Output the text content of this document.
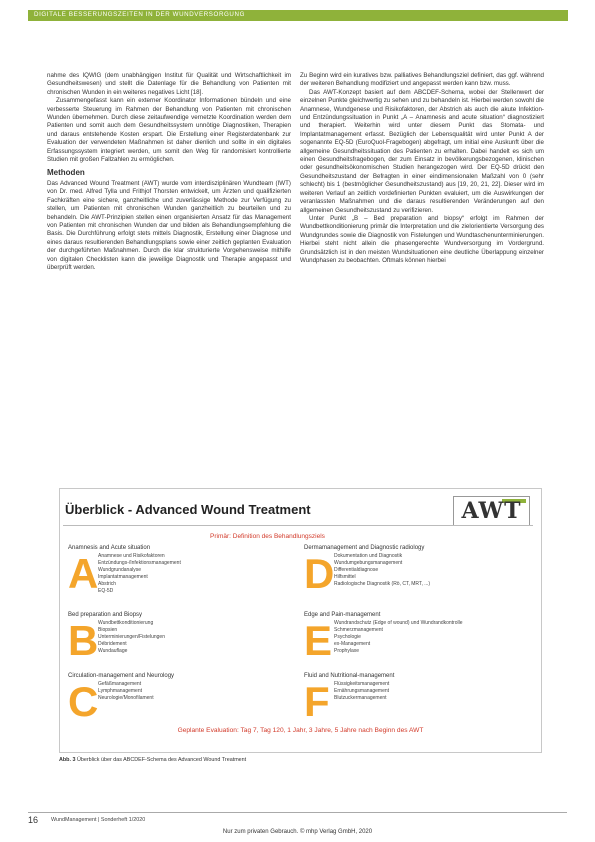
DIGITALE BESSERUNGSZEITEN IN DER WUNDVERSORGUNG

nahme des IQWIG (dem unabhängigen Institut für Qualität und Wirtschaftlichkeit im Gesundheitswesen) und stellt die Datenlage für die Behandlung von Patienten mit chronischen Wunden in ein weiteres negatives Licht [18].

Zusammengefasst kann ein externer Koordinator Informationen bündeln und eine verbesserte Steuerung im Rahmen der Behandlung von Patienten mit chronischen Wunden übernehmen. Durch diese zeitaufwendige vernetzte Koordination werden dem Patienten und somit auch dem Gesundheitssystem unnötige Diagnostiken, Therapien und daraus entstehende Kosten erspart. Die Erstellung einer Registerdatenbank zur Evaluation der verwendeten Maßnahmen ist daher dienlich und sollte in ein digitales Erfassungssystem integriert werden, um somit den Weg für randomisiert kontrollierte Studien mit großen Fallzahlen zu ermöglichen.

Methoden

Das Advanced Wound Treatment (AWT) wurde vom interdisziplinären Wundteam (IWT) von Dr. med. Alfred Tylla und Frithjof Thorsten entwickelt, um Ärzten und qualifizierten Fachkräften eine sichere, ganzheitliche und zuverlässige Methode zur Verfügung zu stellen, um Patienten mit chronischen Wunden ganzheitlich zu beurteilen und zu behandeln. Die AWT-Prinzipien stellen einen organisierten Ansatz für das Management von Patienten mit chronischen Wunden dar und bilden als Behandlungsempfehlung die Basis. Die Durchführung erfolgt stets mittels Diagnostik, Erstellung einer Diagnose und eines daraus resultierenden Behandlungsplans sowie einer zeitlich geplanten Evaluation der durchgeführten Maßnahmen. Durch die klar strukturierte Vorgehensweise mithilfe von digitalen Checklisten kann die jeweilige Diagnostik und Therapie angepasst und überprüft werden.

Zu Beginn wird ein kuratives bzw. palliatives Behandlungsziel definiert, das ggf. während der weiteren Behandlung modifiziert und angepasst werden kann bzw. muss.

Das AWT-Konzept basiert auf dem ABCDEF-Schema, wobei der Stellenwert der einzelnen Punkte gleichwertig zu sehen und zu behandeln ist. Hierbei werden sowohl die Anamnese, Wundgenese und Risikofaktoren, der Abstrich als auch die akute Infektion- und Entzündungssituation in Punkt „A – Anamnesis and acute situation“ diagnostiziert und therapiert. Weiterhin wird unter diesem Punkt das Stomata- und Implantatmanagement erfasst. Bezüglich der Lebensqualität wird unter Punkt A der sogenannte EQ-5D (EuroQuol-Fragebogen) abgefragt, um initial eine Auskunft über die allgemeine Gesundheitssituation des Patienten zu erhalten. Dabei handelt es sich um einen Gesundheitsfragebogen, der zum Einsatz in bevölkerungsbezogenen, klinischen oder gesundheitsökonomischen Studien herangezogen wird. Der EQ-5D drückt den Gesundheitszustand der Befragten in einer eindimensionalen Maßzahl von 0 (sehr schlecht) bis 1 (bestmöglicher Gesundheitszustand) aus [19, 20, 21, 22]. Dieser wird im weiteren Verlauf an zeitlich vordefinierten Punkten evaluiert, um die Auswirkungen der veranlassten Maßnahmen und die daraus resultierenden Veränderungen auf den allgemeinen Gesundheitszustand zu verifizieren.

Unter Punkt „B – Bed preparation and biopsy“ erfolgt im Rahmen der Wundbettkonditionierung primär die Interpretation und die zielorientierte Versorgung des Wundgrundes sowie die Diagnostik von Fistelungen und Wundtaschenunterminierungen. Hierbei steht nicht allein die phasengerechte Wundversorgung im Vordergrund. Grundsätzlich ist in den meisten Wundsituationen eine deutliche Überlappung einzelner Wundphasen zu beobachten. Oftmals können hierbei

Überblick - Advanced Wound Treatment	AWT
Primär: Definition des Behandlungsziels
Anamnesis and Acute situation
A Anamnese und Risikofaktoren
Entzündungs-/Infektionsmanagement
Wundgrundanalyse
Implantatmanagement
Abstrich
EQ-5D
Bed preparation and Biopsy
B Wundbettkonditionierung
Biopsien
Unterminierungen/Fistelungen
Débridement
Wundauflage
Circulation-management and Neurology
C Gefäßmanagement
Lymphmanagement
Neurologie/Monofilament
Dermamanagement and Diagnostic radiology
D Dokumentation und Diagnostik
Wundumgebungsmanagement
Differentialdiagnose
Hilfsmittel
Radiologische Diagnostik (Rö, CT, MRT, ...)
Edge and Pain-management
E Wundrandschutz (Edge of wound) und Wundrandkontrolle
Schmerzmanagement
Psychologie
ex-Management
Prophylaxe
Fluid and Nutritional-management
F Flüssigkeitsmanagement
Ernährungsmanagement
Blutzuckermanagement
Geplante Evaluation: Tag 7, Tag 120, 1 Jahr, 3 Jahre, 5 Jahre nach Beginn des AWT
Abb. 3 Überblick über das ABCDEF-Schema des Advanced Wound Treatment
16 WundManagement | Sonderheft 1/2020
Nur zum privaten Gebrauch. © mhp Verlag GmbH, 2020
